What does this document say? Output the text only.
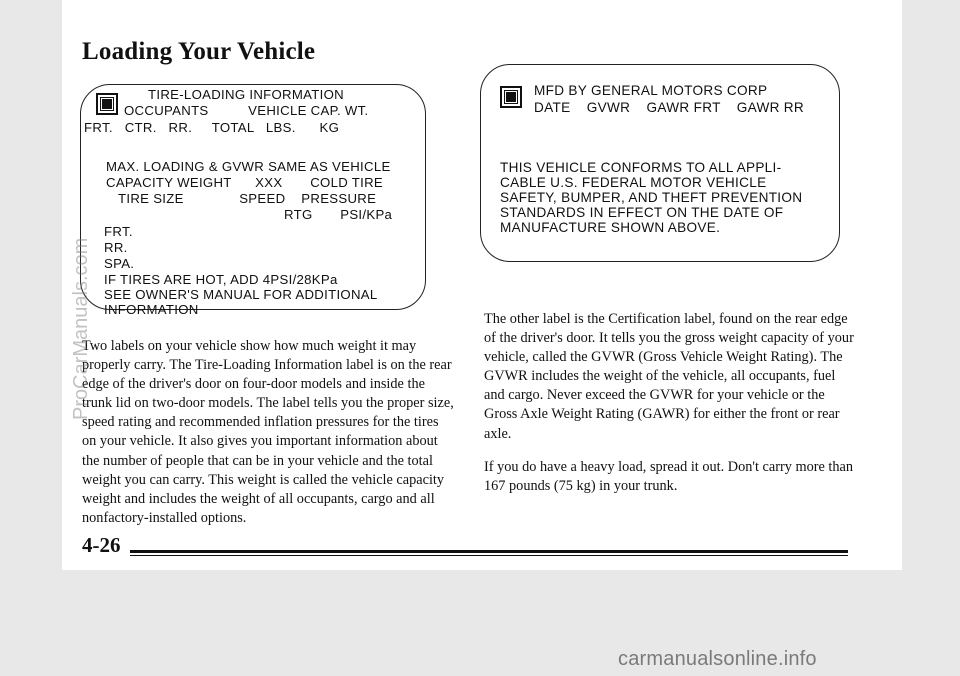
Loading Your Vehicle
TIRE-LOADING INFORMATION
OCCUPANTS          VEHICLE CAP. WT.
FRT.   CTR.   RR.     TOTAL   LBS.      KG
MAX. LOADING & GVWR SAME AS VEHICLE
CAPACITY WEIGHT      XXX       COLD TIRE
TIRE SIZE              SPEED    PRESSURE
RTG       PSI/KPa
FRT.
RR.
SPA.
IF TIRES ARE HOT, ADD 4PSI/28KPa
SEE OWNER'S MANUAL FOR ADDITIONAL
INFORMATION
MFD BY GENERAL MOTORS CORP
DATE    GVWR    GAWR FRT    GAWR RR
THIS VEHICLE CONFORMS TO ALL APPLI-
CABLE U.S. FEDERAL MOTOR VEHICLE
SAFETY, BUMPER, AND THEFT PREVENTION
STANDARDS IN EFFECT ON THE DATE OF
MANUFACTURE SHOWN ABOVE.

Two labels on your vehicle show how much weight it may properly carry. The Tire-Loading Information label is on the rear edge of the driver's door on four-door models and inside the trunk lid on two-door models. The label tells you the proper size, speed rating and recommended inflation pressures for the tires on your vehicle. It also gives you important information about the number of people that can be in your vehicle and the total weight you can carry. This weight is called the vehicle capacity weight and includes the weight of all occupants, cargo and all nonfactory-installed options.

The other label is the Certification label, found on the rear edge of the driver's door. It tells you the gross weight capacity of your vehicle, called the GVWR (Gross Vehicle Weight Rating). The GVWR includes the weight of the vehicle, all occupants, fuel and cargo. Never exceed the GVWR for your vehicle or the Gross Axle Weight Rating (GAWR) for either the front or rear axle.

If you do have a heavy load, spread it out. Don't carry more than 167 pounds (75 kg) in your trunk.

4-26
ProCarManuals.com
carmanualsonline.info
